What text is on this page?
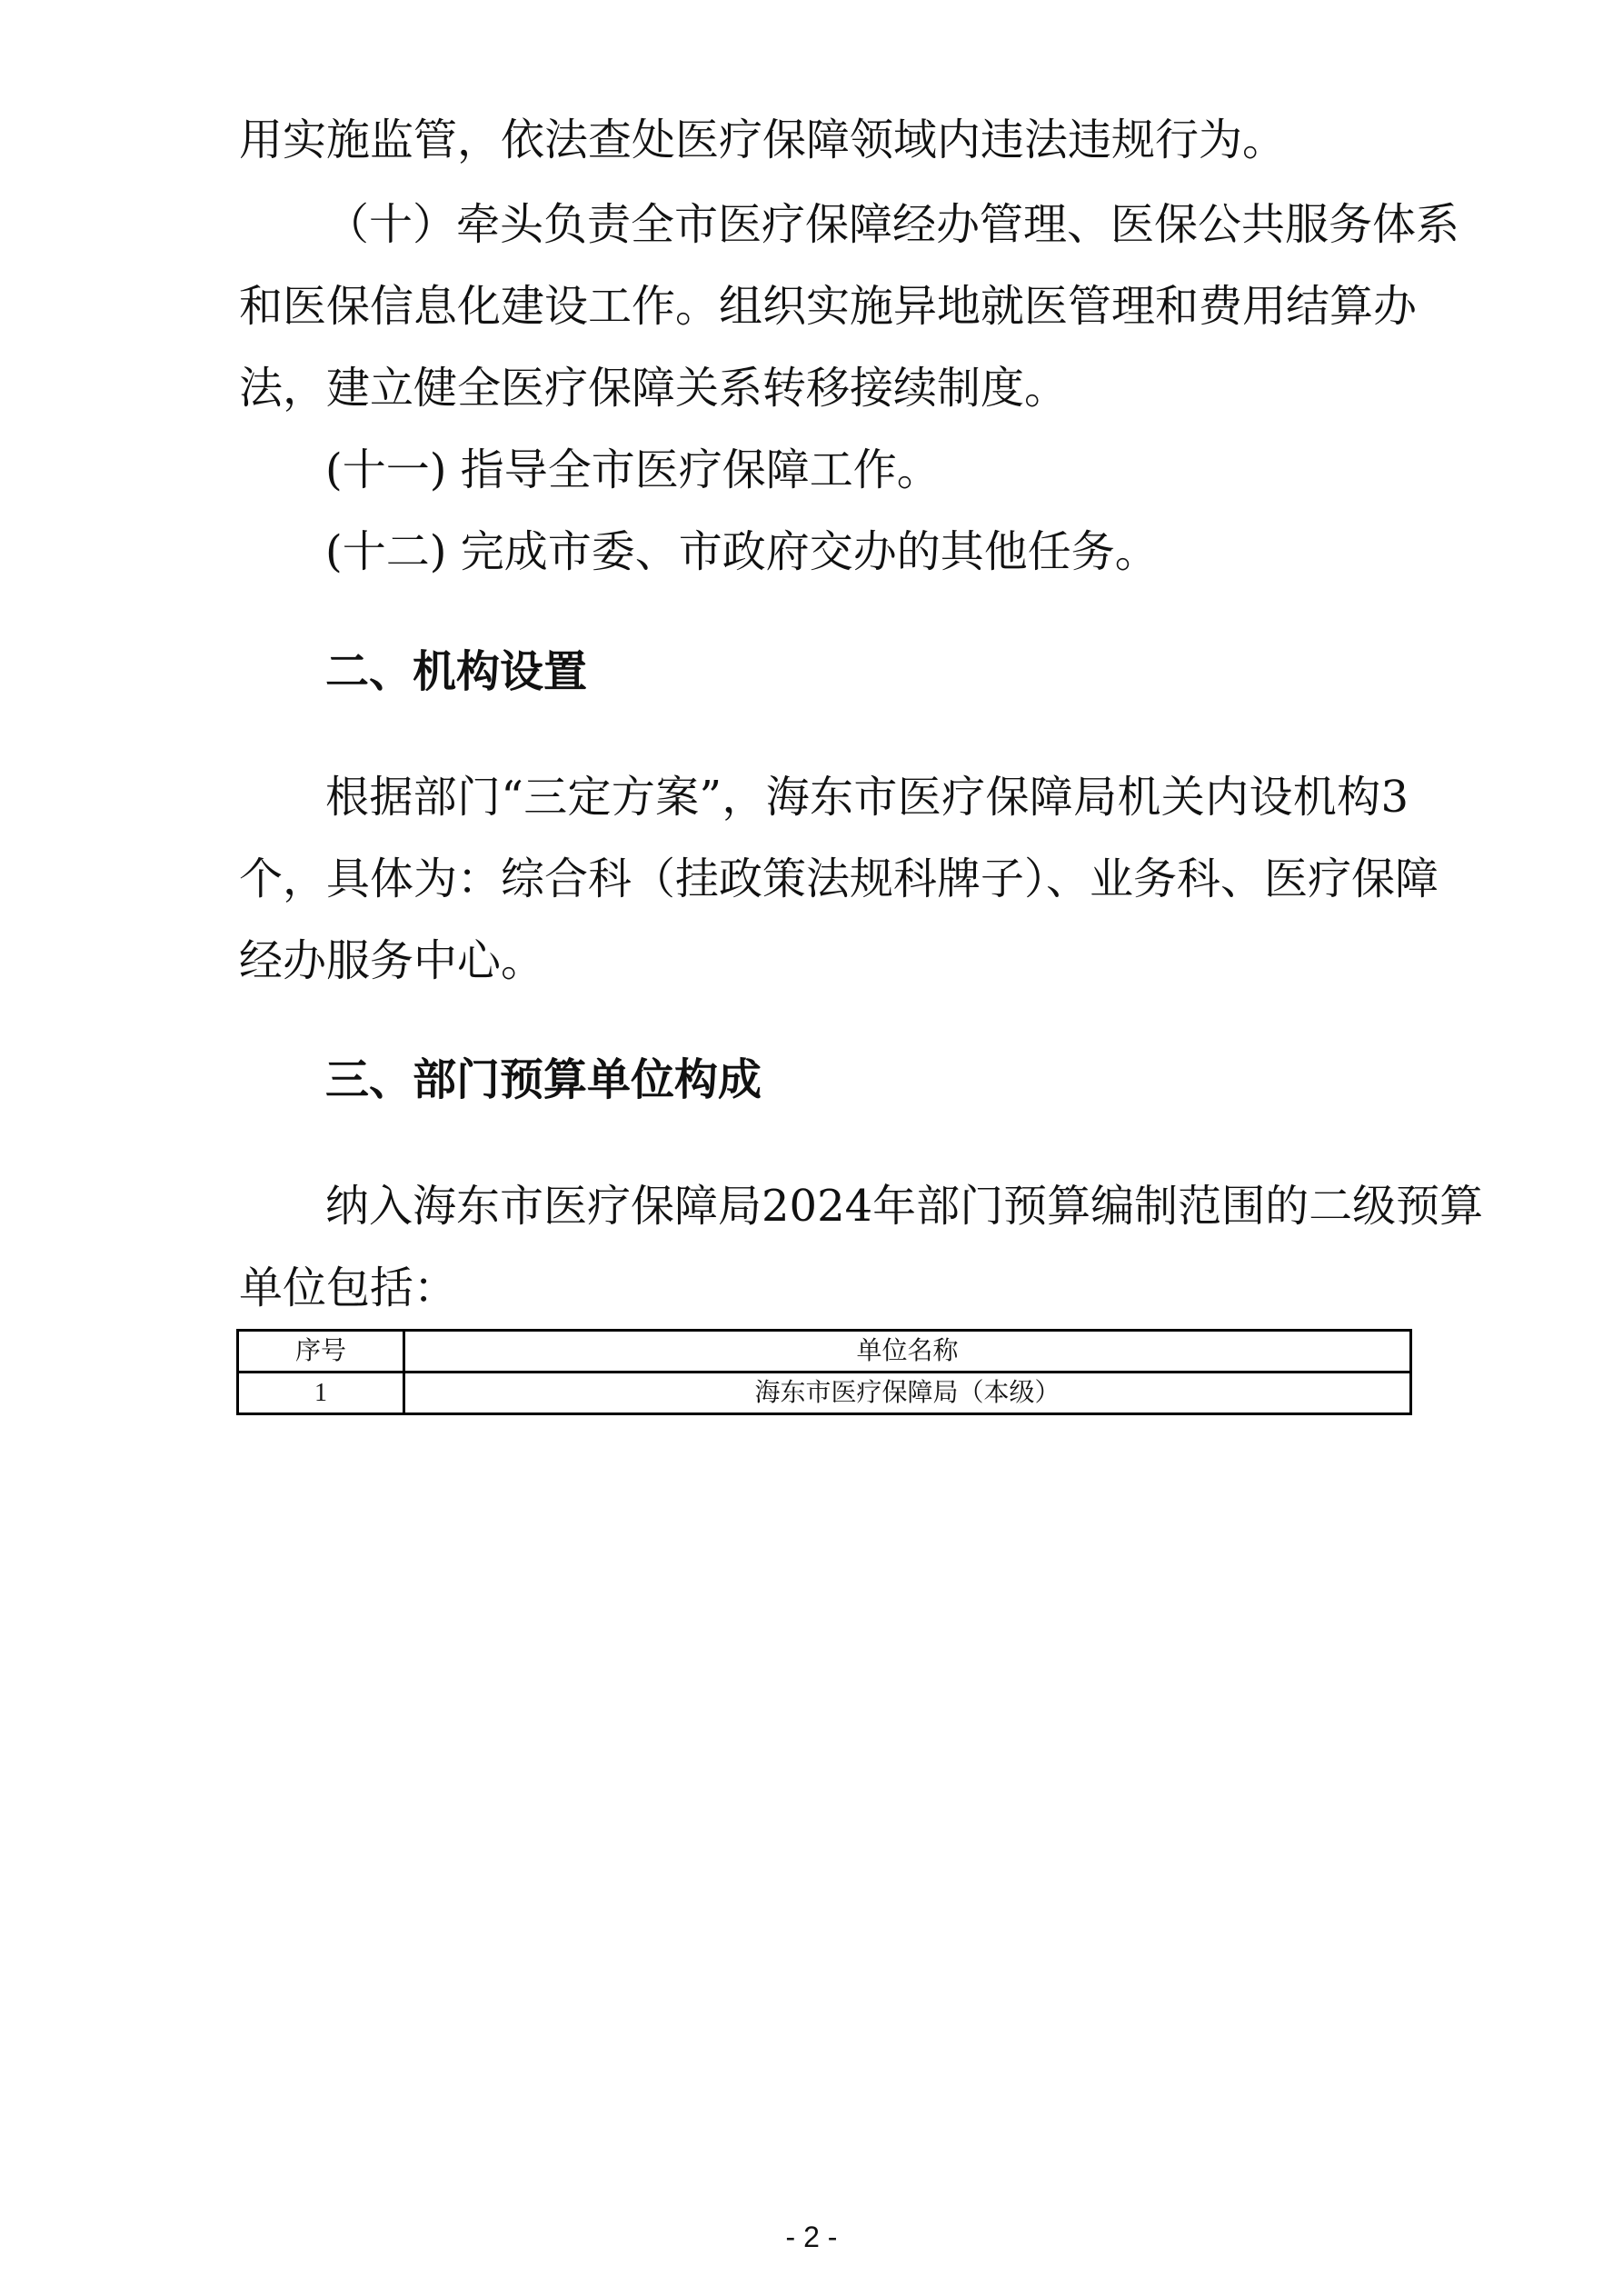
用实施监管，依法查处医疗保障领域内违法违规行为。

（十）牵头负责全市医疗保障经办管理、医保公共服务体系

和医保信息化建设工作。组织实施异地就医管理和费用结算办

法，建立健全医疗保障关系转移接续制度。

(十一) 指导全市医疗保障工作。

(十二) 完成市委、市政府交办的其他任务。

二、机构设置

根据部门“三定方案”，海东市医疗保障局机关内设机构3

个，具体为：综合科（挂政策法规科牌子）、业务科、医疗保障

经办服务中心。

三、部门预算单位构成

纳入海东市医疗保障局2024年部门预算编制范围的二级预算

单位包括：

序号	单位名称
1	海东市医疗保障局（本级）
- 2 -
